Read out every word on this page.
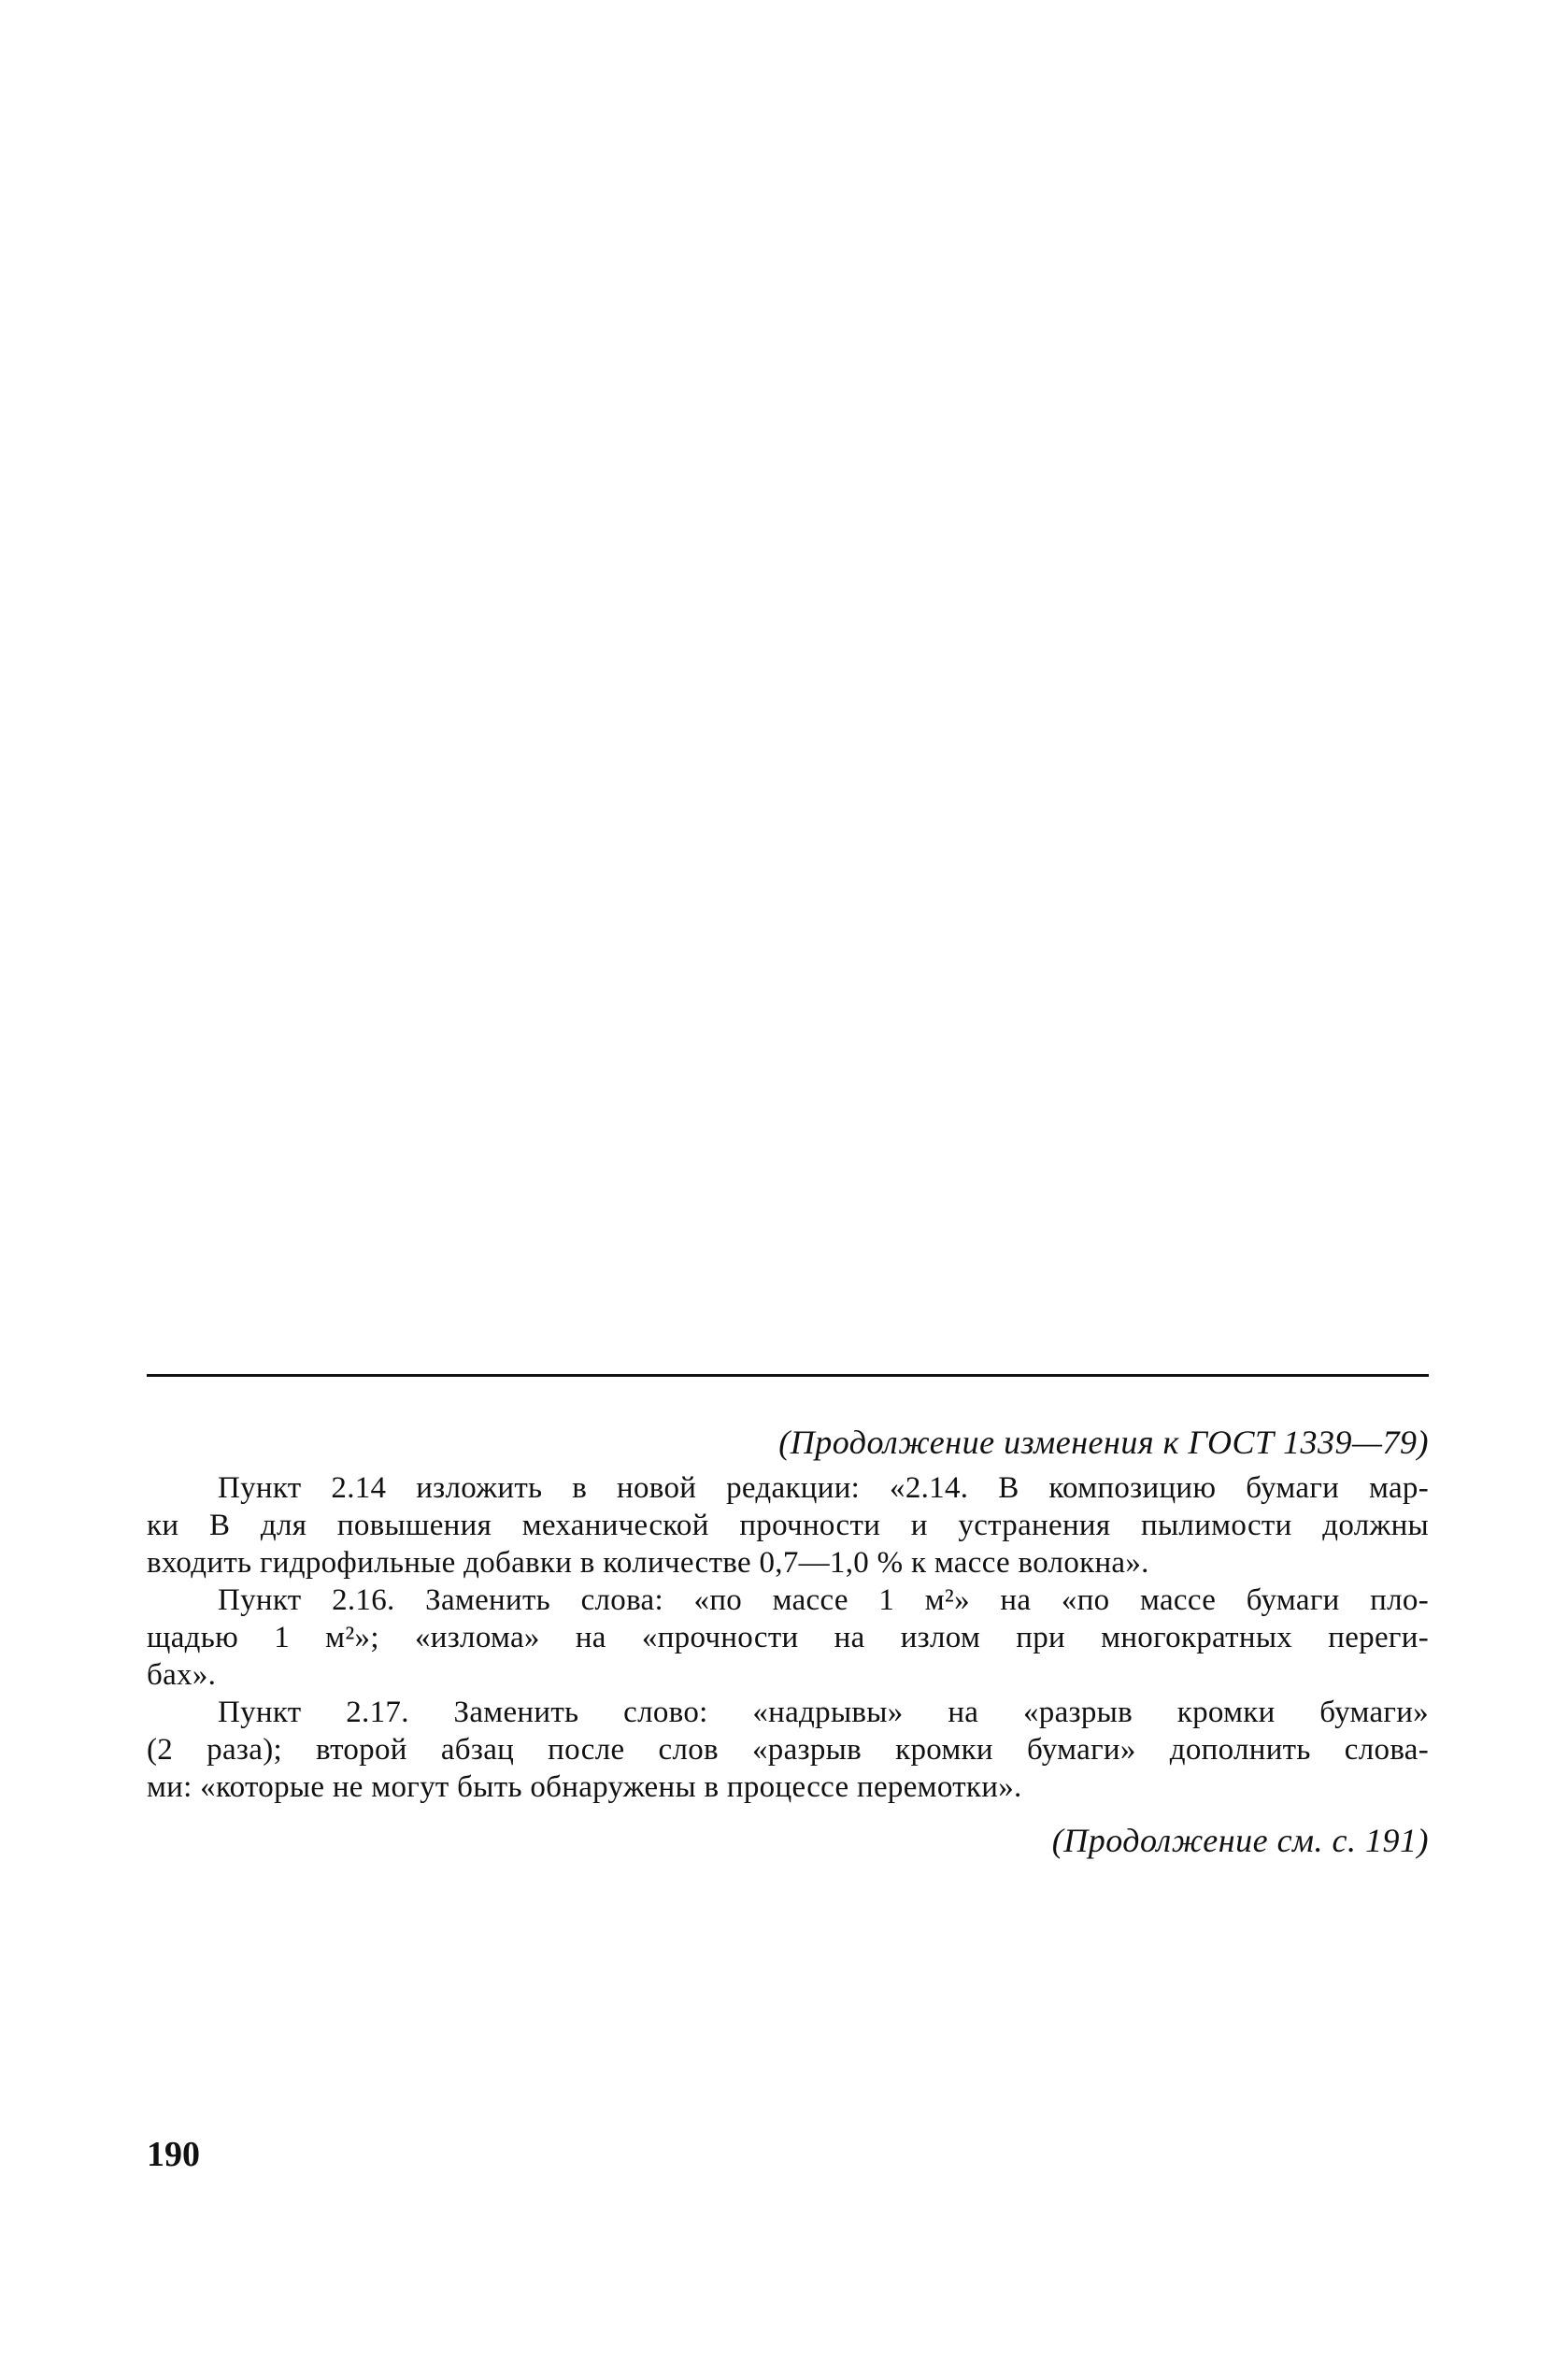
(Продолжение изменения к ГОСТ 1339—79)
Пункт 2.14 изложить в новой редакции: «2.14. В композицию бумаги мар-
ки В для повышения механической прочности и устранения пылимости должны
входить гидрофильные добавки в количестве 0,7—1,0 % к массе волокна».
Пункт 2.16. Заменить слова: «по массе 1 м²» на «по массе бумаги пло-
щадью 1 м²»; «излома» на «прочности на излом при многократных переги-
бах».
Пункт 2.17. Заменить слово: «надрывы» на «разрыв кромки бумаги»
(2 раза); второй абзац после слов «разрыв кромки бумаги» дополнить слова-
ми: «которые не могут быть обнаружены в процессе перемотки».
(Продолжение см. с. 191)
190
